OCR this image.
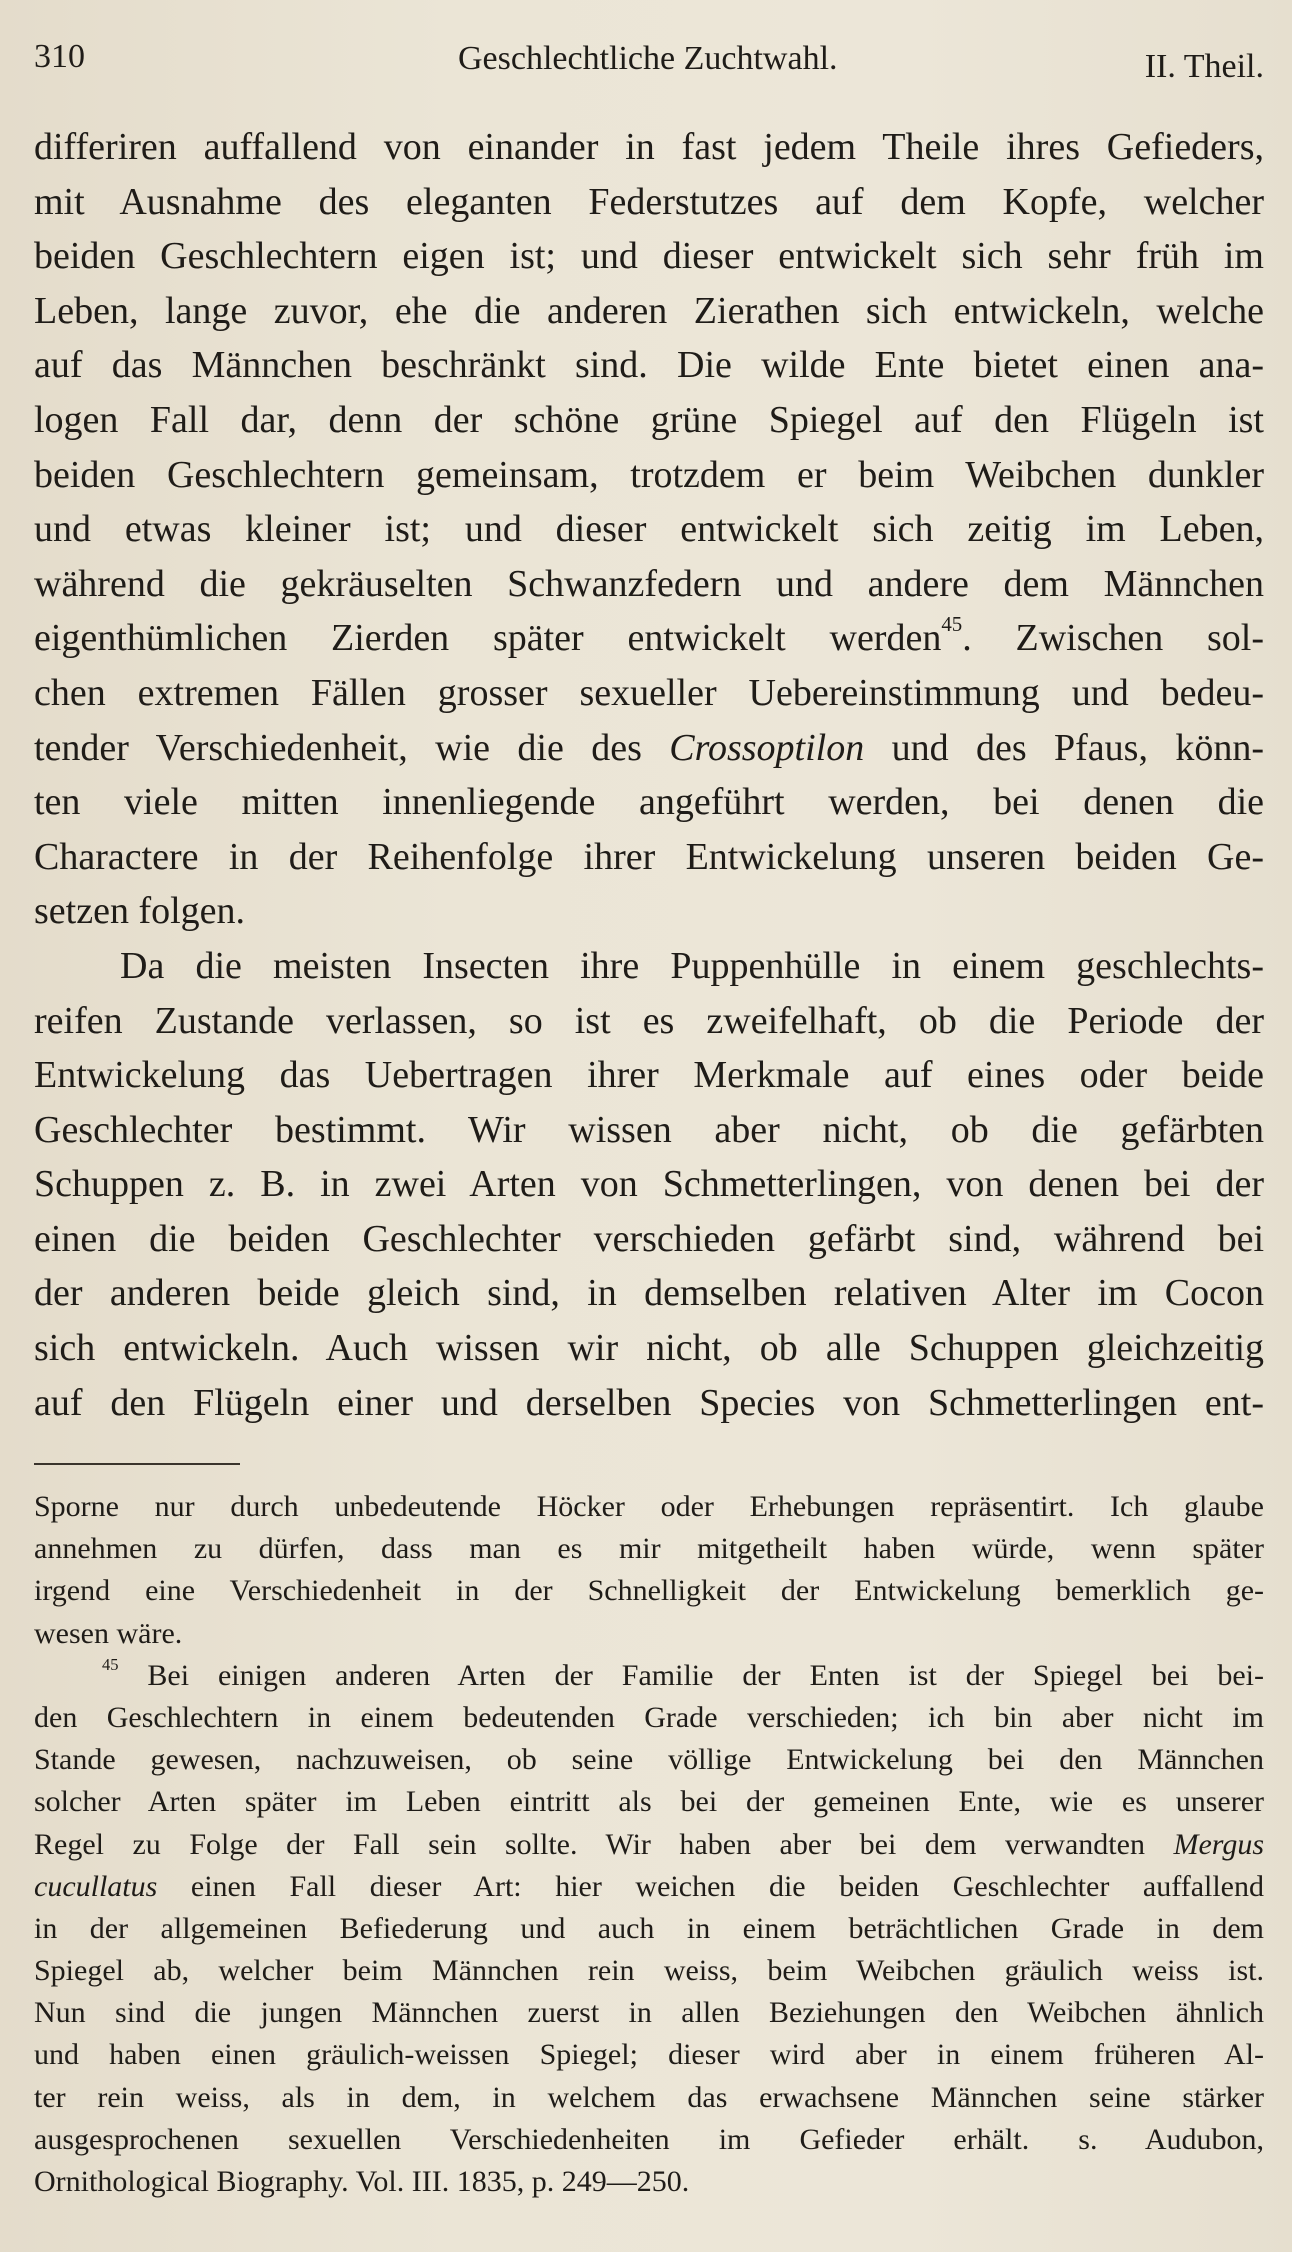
310	Geschlechtliche Zuchtwahl.	II. Theil.
differiren auffallend von einander in fast jedem Theile ihres Gefieders,
mit Ausnahme des eleganten Federstutzes auf dem Kopfe, welcher
beiden Geschlechtern eigen ist; und dieser entwickelt sich sehr früh im
Leben, lange zuvor, ehe die anderen Zierathen sich entwickeln, welche
auf das Männchen beschränkt sind. Die wilde Ente bietet einen ana-
logen Fall dar, denn der schöne grüne Spiegel auf den Flügeln ist
beiden Geschlechtern gemeinsam, trotzdem er beim Weibchen dunkler
und etwas kleiner ist; und dieser entwickelt sich zeitig im Leben,
während die gekräuselten Schwanzfedern und andere dem Männchen
eigenthümlichen Zierden später entwickelt werden$^{45}$. Zwischen sol-
chen extremen Fällen grosser sexueller Uebereinstimmung und bedeu-
tender Verschiedenheit, wie die des Crossoptilon und des Pfaus, könn-
ten viele mitten innenliegende angeführt werden, bei denen die
Charactere in der Reihenfolge ihrer Entwickelung unseren beiden Ge-
setzen folgen.
Da die meisten Insecten ihre Puppenhülle in einem geschlechts-
reifen Zustande verlassen, so ist es zweifelhaft, ob die Periode der
Entwickelung das Uebertragen ihrer Merkmale auf eines oder beide
Geschlechter bestimmt. Wir wissen aber nicht, ob die gefärbten
Schuppen z. B. in zwei Arten von Schmetterlingen, von denen bei der
einen die beiden Geschlechter verschieden gefärbt sind, während bei
der anderen beide gleich sind, in demselben relativen Alter im Cocon
sich entwickeln. Auch wissen wir nicht, ob alle Schuppen gleichzeitig
auf den Flügeln einer und derselben Species von Schmetterlingen ent-
Sporne nur durch unbedeutende Höcker oder Erhebungen repräsentirt. Ich glaube
annehmen zu dürfen, dass man es mir mitgetheilt haben würde, wenn später
irgend eine Verschiedenheit in der Schnelligkeit der Entwickelung bemerklich ge-
wesen wäre.
$^{45}$ Bei einigen anderen Arten der Familie der Enten ist der Spiegel bei bei-
den Geschlechtern in einem bedeutenden Grade verschieden; ich bin aber nicht im
Stande gewesen, nachzuweisen, ob seine völlige Entwickelung bei den Männchen
solcher Arten später im Leben eintritt als bei der gemeinen Ente, wie es unserer
Regel zu Folge der Fall sein sollte. Wir haben aber bei dem verwandten Mergus
cucullatus einen Fall dieser Art: hier weichen die beiden Geschlechter auffallend
in der allgemeinen Befiederung und auch in einem beträchtlichen Grade in dem
Spiegel ab, welcher beim Männchen rein weiss, beim Weibchen gräulich weiss ist.
Nun sind die jungen Männchen zuerst in allen Beziehungen den Weibchen ähnlich
und haben einen gräulich-weissen Spiegel; dieser wird aber in einem früheren Al-
ter rein weiss, als in dem, in welchem das erwachsene Männchen seine stärker
ausgesprochenen sexuellen Verschiedenheiten im Gefieder erhält. s. Audubon,
Ornithological Biography. Vol. III. 1835, p. 249—250.
